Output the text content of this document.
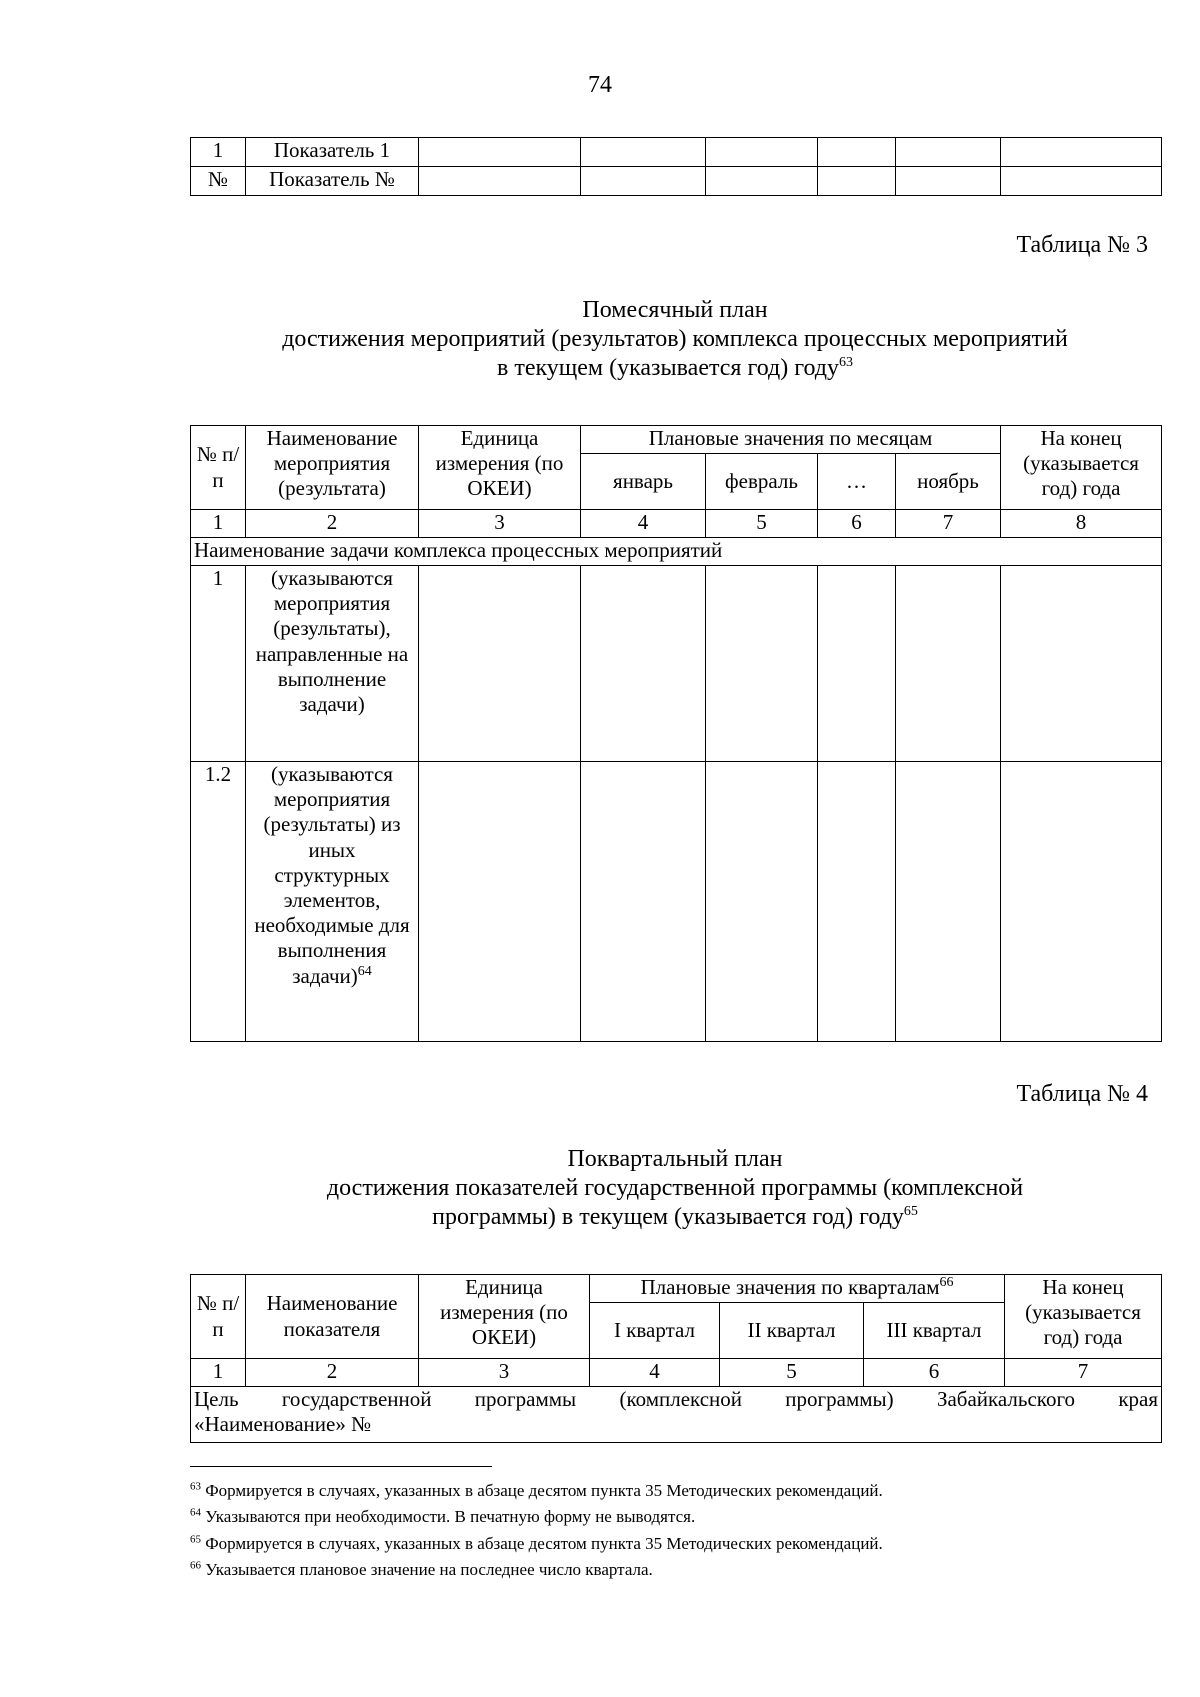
74
1	Показатель 1						
№	Показатель №						
Таблица № 3
Помесячный план
достижения мероприятий (результатов) комплекса процессных мероприятий
в текущем (указывается год) году$^{63}$
№ п/п	Наименование мероприятия (результата)	Единица измерения (по ОКЕИ)	Плановые значения по месяцам				На конец (указывается год) года
			январь	февраль	…	ноябрь	
1	2	3	4	5	6	7	8
Наименование задачи комплекса процессных мероприятий							
1	(указываются мероприятия (результаты), направленные на выполнение задачи)						
1.2	(указываются мероприятия (результаты) из иных структурных элементов, необходимые для выполнения задачи)$^{64}$						
Таблица № 4
Поквартальный план
достижения показателей государственной программы (комплексной
программы) в текущем (указывается год) году$^{65}$
№ п/п	Наименование показателя	Единица измерения (по ОКЕИ)	Плановые значения по кварталам$^{66}$			На конец (указывается год) года
			I квартал	II квартал	III квартал	
1	2	3	4	5	6	7

Цель государственной программы (комплексной программы) Забайкальского края
«Наименование» №						
$^{63}$ Формируется в случаях, указанных в абзаце десятом пункта 35 Методических рекомендаций.
$^{64}$ Указываются при необходимости. В печатную форму не выводятся.
$^{65}$ Формируется в случаях, указанных в абзаце десятом пункта 35 Методических рекомендаций.
$^{66}$ Указывается плановое значение на последнее число квартала.
